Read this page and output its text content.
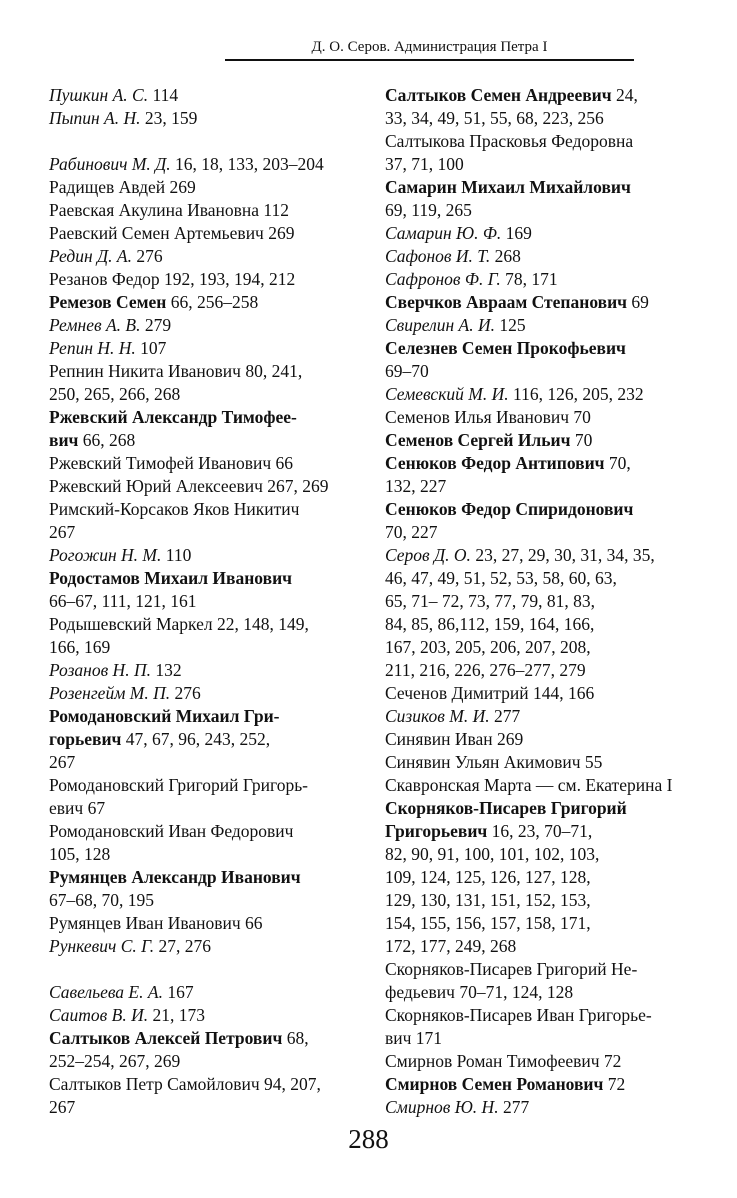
Д. О. Серов. Администрация Петра I
Пушкин А. С. 114
Пыпин А. Н. 23, 159
Рабинович М. Д. 16, 18, 133, 203–204
Радищев Авдей 269
Раевская Акулина Ивановна 112
Раевский Семен Артемьевич 269
Редин Д. А. 276
Резанов Федор 192, 193, 194, 212
Ремезов Семен 66, 256–258
Ремнев А. В. 279
Репин Н. Н. 107
Репнин Никита Иванович 80, 241,
250, 265, 266, 268
Ржевский Александр Тимофее-
вич 66, 268
Ржевский Тимофей Иванович 66
Ржевский Юрий Алексеевич 267, 269
Римский-Корсаков Яков Никитич
267
Рогожин Н. М. 110
Родостамов Михаил Иванович
66–67, 111, 121, 161
Родышевский Маркел 22, 148, 149,
166, 169
Розанов Н. П. 132
Розенгейм М. П. 276
Ромодановский Михаил Гри-
горьевич 47, 67, 96, 243, 252,
267
Ромодановский Григорий Григорь-
евич 67
Ромодановский Иван Федорович
105, 128
Румянцев Александр Иванович
67–68, 70, 195
Румянцев Иван Иванович 66
Рункевич С. Г. 27, 276
Савельева Е. А. 167
Саитов В. И. 21, 173
Салтыков Алексей Петрович 68,
252–254, 267, 269
Салтыков Петр Самойлович 94, 207,
267
Салтыков Семен Андреевич 24,
33, 34, 49, 51, 55, 68, 223, 256
Салтыкова Прасковья Федоровна
37, 71, 100
Самарин Михаил Михайлович
69, 119, 265
Самарин Ю. Ф. 169
Сафонов И. Т. 268
Сафронов Ф. Г. 78, 171
Сверчков Авраам Степанович 69
Свирелин А. И. 125
Селезнев Семен Прокофьевич
69–70
Семевский М. И. 116, 126, 205, 232
Семенов Илья Иванович 70
Семенов Сергей Ильич 70
Сенюков Федор Антипович 70,
132, 227
Сенюков Федор Спиридонович
70, 227
Серов Д. О. 23, 27, 29, 30, 31, 34, 35,
46, 47, 49, 51, 52, 53, 58, 60, 63,
65, 71– 72, 73, 77, 79, 81, 83,
84, 85, 86,112, 159, 164, 166,
167, 203, 205, 206, 207, 208,
211, 216, 226, 276–277, 279
Сеченов Димитрий 144, 166
Сизиков М. И. 277
Синявин Иван 269
Синявин Ульян Акимович 55
Скавронская Марта — см. Екатерина I
Скорняков-Писарев Григорий
Григорьевич 16, 23, 70–71,
82, 90, 91, 100, 101, 102, 103,
109, 124, 125, 126, 127, 128,
129, 130, 131, 151, 152, 153,
154, 155, 156, 157, 158, 171,
172, 177, 249, 268
Скорняков-Писарев Григорий Не-
федьевич 70–71, 124, 128
Скорняков-Писарев Иван Григорье-
вич 171
Смирнов Роман Тимофеевич 72
Смирнов Семен Романович 72
Смирнов Ю. Н. 277
288
